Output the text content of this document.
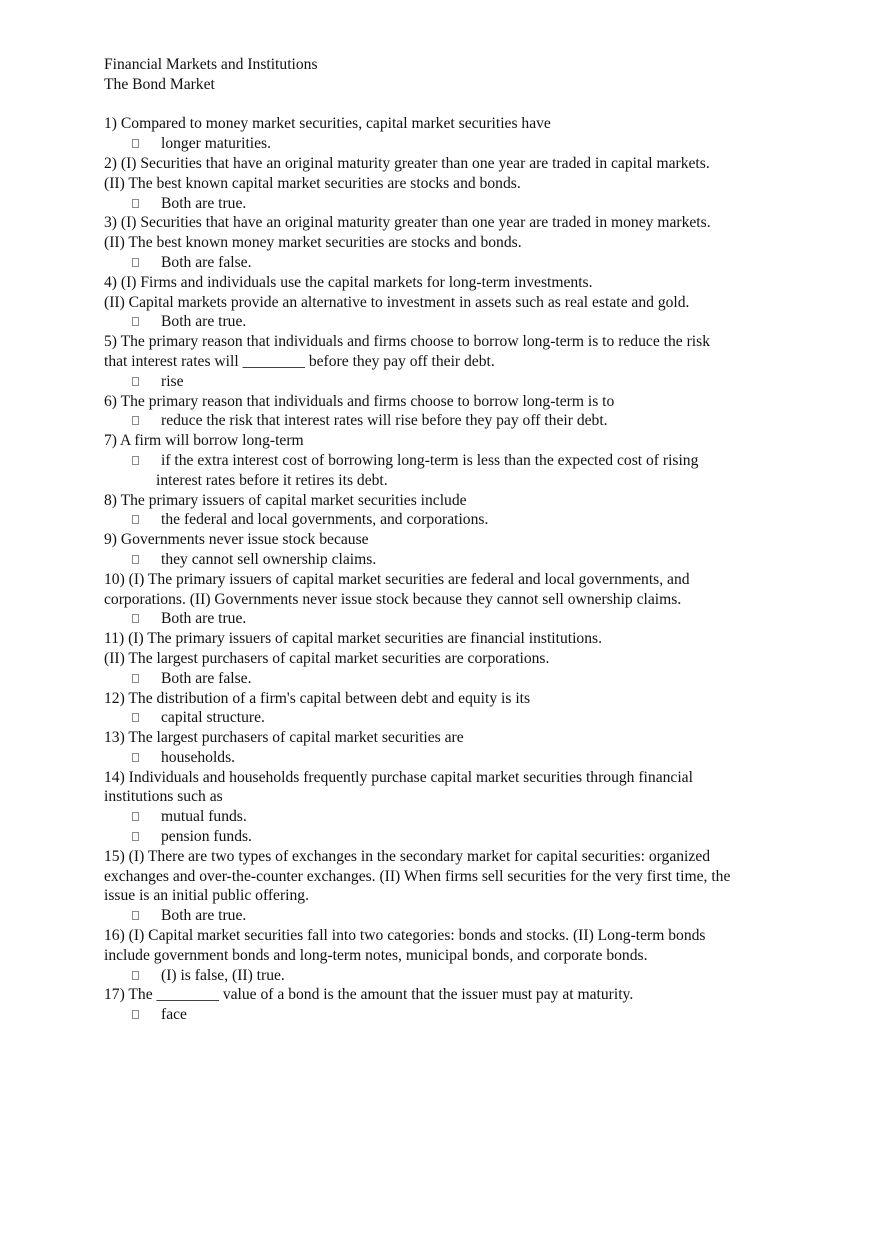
Financial Markets and Institutions

The Bond Market

1) Compared to money market securities, capital market securities have

longer maturities.

2) (I) Securities that have an original maturity greater than one year are traded in capital markets.

(II) The best known capital market securities are stocks and bonds.

Both are true.

3) (I) Securities that have an original maturity greater than one year are traded in money markets.

(II) The best known money market securities are stocks and bonds.

Both are false.

4) (I) Firms and individuals use the capital markets for long-term investments.

(II) Capital markets provide an alternative to investment in assets such as real estate and gold.

Both are true.

5) The primary reason that individuals and firms choose to borrow long-term is to reduce the risk

that interest rates will ________ before they pay off their debt.

rise

6) The primary reason that individuals and firms choose to borrow long-term is to

reduce the risk that interest rates will rise before they pay off their debt.

7) A firm will borrow long-term

if the extra interest cost of borrowing long-term is less than the expected cost of rising

interest rates before it retires its debt.

8) The primary issuers of capital market securities include

the federal and local governments, and corporations.

9) Governments never issue stock because

they cannot sell ownership claims.

10) (I) The primary issuers of capital market securities are federal and local governments, and

corporations. (II) Governments never issue stock because they cannot sell ownership claims.

Both are true.

11) (I) The primary issuers of capital market securities are financial institutions.

(II) The largest purchasers of capital market securities are corporations.

Both are false.

12) The distribution of a firm's capital between debt and equity is its

capital structure.

13) The largest purchasers of capital market securities are

households.

14) Individuals and households frequently purchase capital market securities through financial

institutions such as

mutual funds.

pension funds.

15) (I) There are two types of exchanges in the secondary market for capital securities: organized

exchanges and over-the-counter exchanges. (II) When firms sell securities for the very first time, the

issue is an initial public offering.

Both are true.

16) (I) Capital market securities fall into two categories: bonds and stocks. (II) Long-term bonds

include government bonds and long-term notes, municipal bonds, and corporate bonds.

(I) is false, (II) true.

17) The ________ value of a bond is the amount that the issuer must pay at maturity.

face
